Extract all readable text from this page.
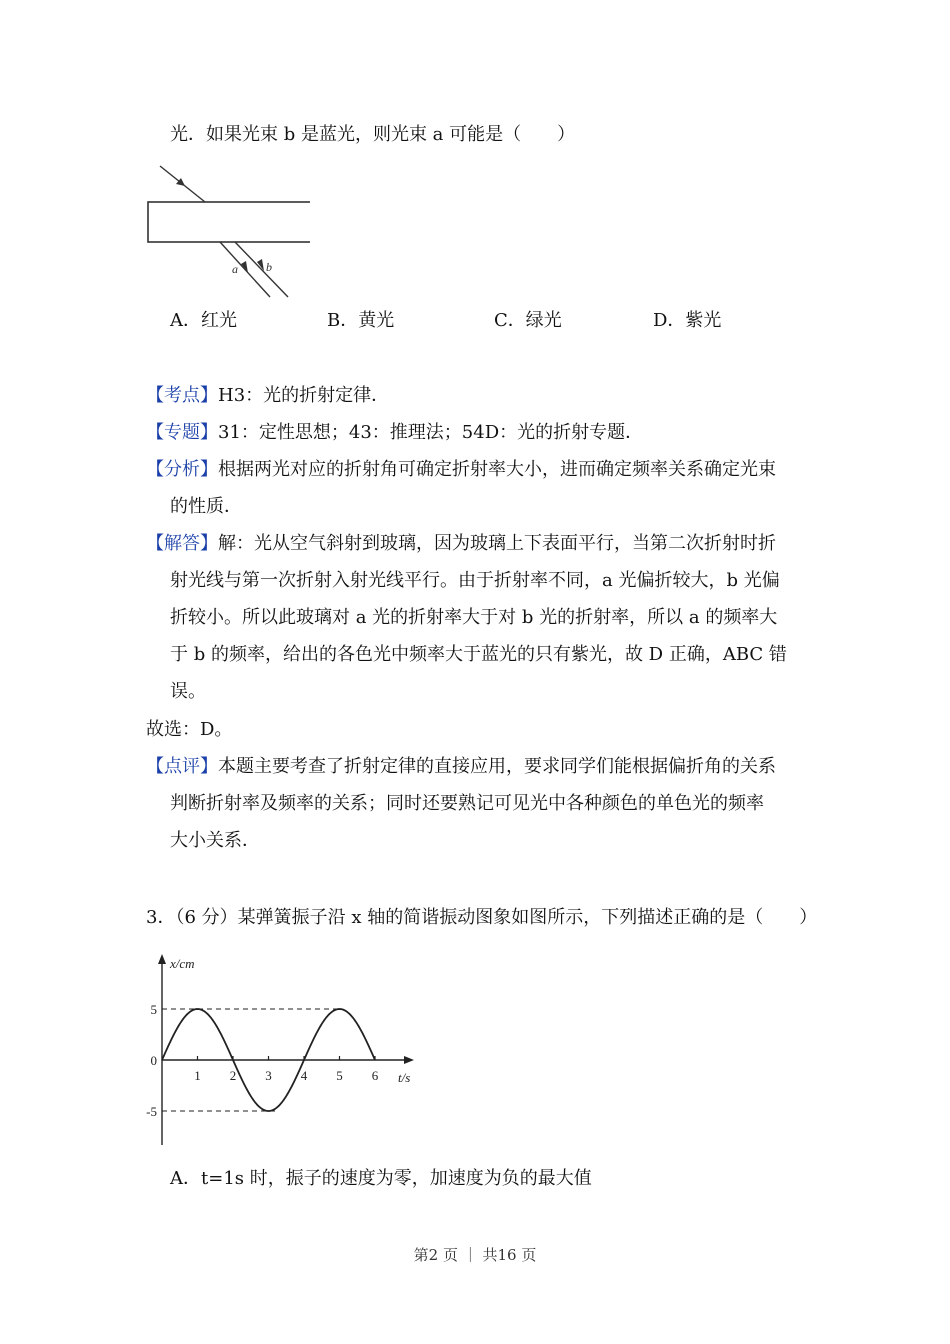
光．如果光束 b 是蓝光，则光束 a 可能是（　　）
a b
A．红光	B．黄光	C．绿光	D．紫光
【考点】H3：光的折射定律．
【专题】31：定性思想；43：推理法；54D：光的折射专题．
【分析】根据两光对应的折射角可确定折射率大小，进而确定频率关系确定光束
的性质．
【解答】解：光从空气斜射到玻璃，因为玻璃上下表面平行，当第二次折射时折
射光线与第一次折射入射光线平行。由于折射率不同，a 光偏折较大，b 光偏
折较小。所以此玻璃对 a 光的折射率大于对 b 光的折射率，所以 a 的频率大
于 b 的频率，给出的各色光中频率大于蓝光的只有紫光，故 D 正确，ABC 错
误。
故选：D。
【点评】本题主要考查了折射定律的直接应用，要求同学们能根据偏折角的关系
判断折射率及频率的关系；同时还要熟记可见光中各种颜色的单色光的频率
大小关系．
3．（6 分）某弹簧振子沿 x 轴的简谐振动图象如图所示，下列描述正确的是（　　）
1 2 3 4 5 6
5
0
-5
x/cm
t/s
A．t=1s 时，振子的速度为零，加速度为负的最大值
第2 页 ｜ 共16 页
